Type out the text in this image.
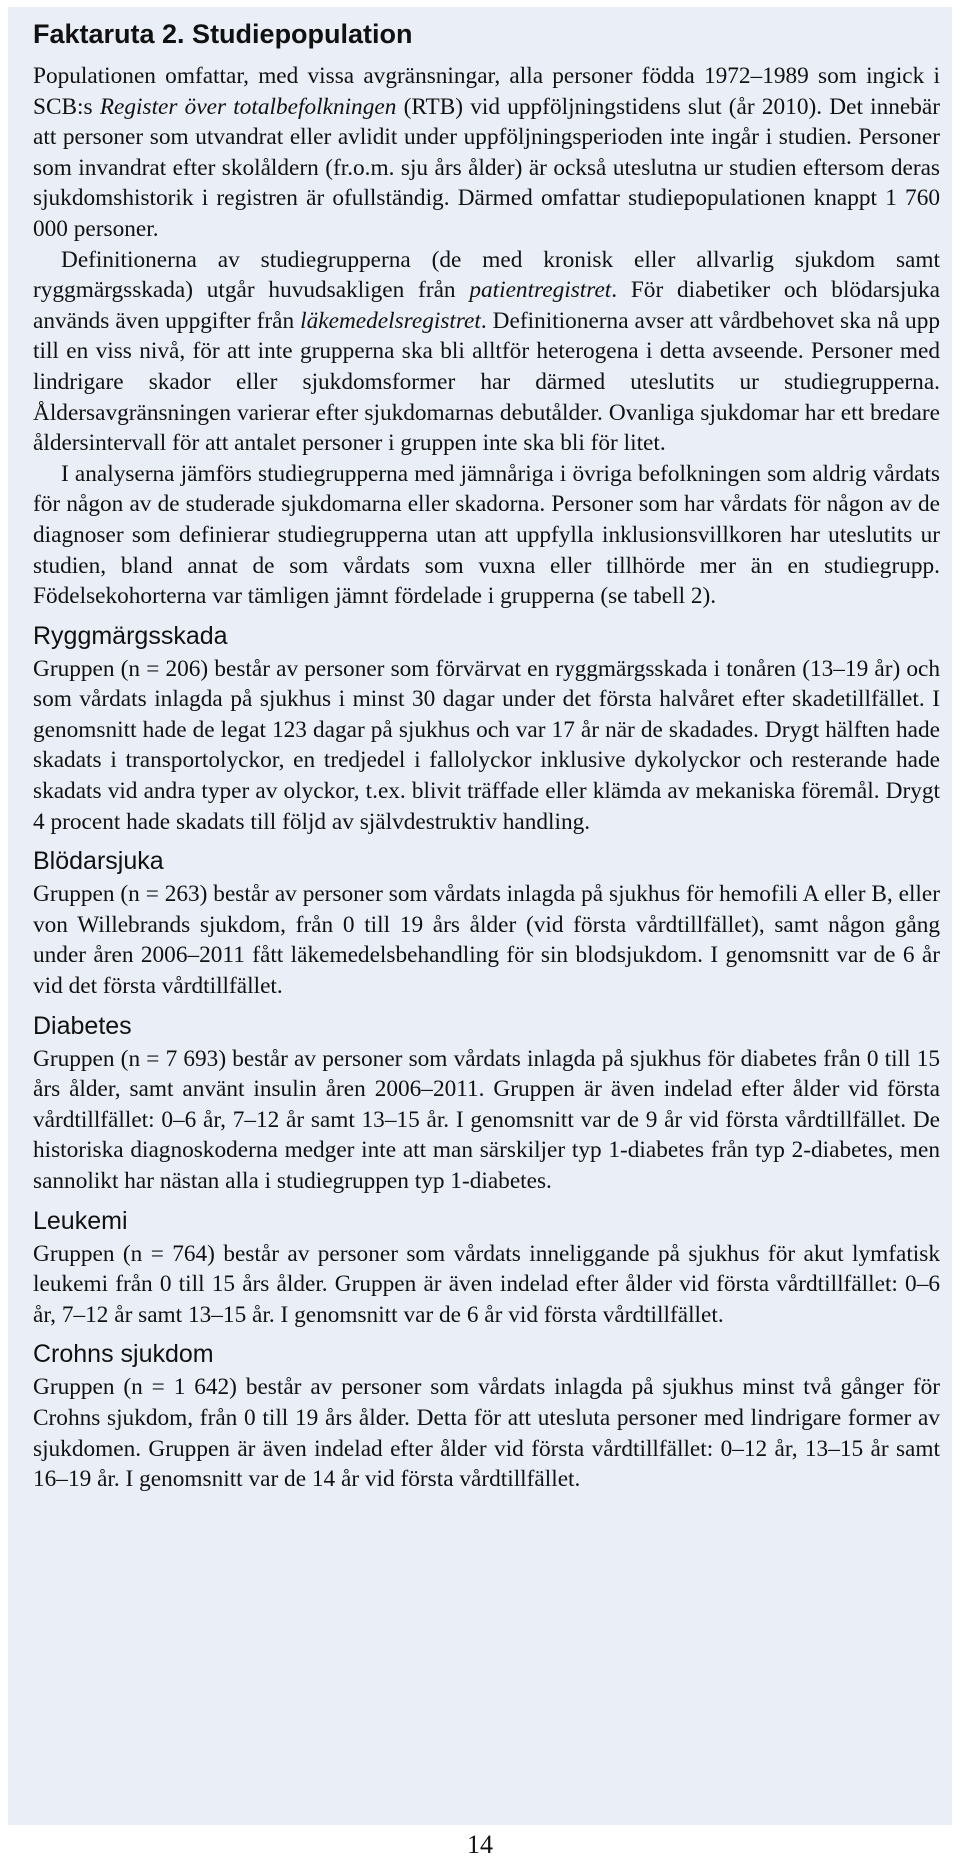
Faktaruta 2. Studiepopulation

Populationen omfattar, med vissa avgränsningar, alla personer födda 1972–1989 som ingick i SCB:s Register över totalbefolkningen (RTB) vid uppföljningstidens slut (år 2010). Det innebär att personer som utvandrat eller avlidit under uppföljningsperioden inte ingår i studien. Personer som invandrat efter skolåldern (fr.o.m. sju års ålder) är också uteslutna ur studien eftersom deras sjukdomshistorik i registren är ofullständig. Därmed omfattar studiepopulationen knappt 1 760 000 personer.

Definitionerna av studiegrupperna (de med kronisk eller allvarlig sjukdom samt ryggmärgsskada) utgår huvudsakligen från patientregistret. För diabetiker och blödarsjuka används även uppgifter från läkemedelsregistret. Definitionerna avser att vårdbehovet ska nå upp till en viss nivå, för att inte grupperna ska bli alltför heterogena i detta avseende. Personer med lindrigare skador eller sjukdomsformer har därmed uteslutits ur studiegrupperna. Åldersavgränsningen varierar efter sjukdomarnas debutålder. Ovanliga sjukdomar har ett bredare åldersintervall för att antalet personer i gruppen inte ska bli för litet.

I analyserna jämförs studiegrupperna med jämnåriga i övriga befolkningen som aldrig vårdats för någon av de studerade sjukdomarna eller skadorna. Personer som har vårdats för någon av de diagnoser som definierar studiegrupperna utan att uppfylla inklusionsvillkoren har uteslutits ur studien, bland annat de som vårdats som vuxna eller tillhörde mer än en studiegrupp. Födelsekohorterna var tämligen jämnt fördelade i grupperna (se tabell 2).

Ryggmärgsskada

Gruppen (n = 206) består av personer som förvärvat en ryggmärgsskada i tonåren (13–19 år) och som vårdats inlagda på sjukhus i minst 30 dagar under det första halvåret efter skadetillfället. I genomsnitt hade de legat 123 dagar på sjukhus och var 17 år när de skadades. Drygt hälften hade skadats i transportolyckor, en tredjedel i fallolyckor inklusive dykolyckor och resterande hade skadats vid andra typer av olyckor, t.ex. blivit träffade eller klämda av mekaniska föremål. Drygt 4 procent hade skadats till följd av självdestruktiv handling.

Blödarsjuka

Gruppen (n = 263) består av personer som vårdats inlagda på sjukhus för hemofili A eller B, eller von Willebrands sjukdom, från 0 till 19 års ålder (vid första vårdtillfället), samt någon gång under åren 2006–2011 fått läkemedelsbehandling för sin blodsjukdom. I genomsnitt var de 6 år vid det första vårdtillfället.

Diabetes

Gruppen (n = 7 693) består av personer som vårdats inlagda på sjukhus för diabetes från 0 till 15 års ålder, samt använt insulin åren 2006–2011. Gruppen är även indelad efter ålder vid första vårdtillfället: 0–6 år, 7–12 år samt 13–15 år. I genomsnitt var de 9 år vid första vårdtillfället. De historiska diagnoskoderna medger inte att man särskiljer typ 1-diabetes från typ 2-diabetes, men sannolikt har nästan alla i studiegruppen typ 1-diabetes.

Leukemi

Gruppen (n = 764) består av personer som vårdats inneliggande på sjukhus för akut lymfatisk leukemi från 0 till 15 års ålder. Gruppen är även indelad efter ålder vid första vårdtillfället: 0–6 år, 7–12 år samt 13–15 år. I genomsnitt var de 6 år vid första vårdtillfället.

Crohns sjukdom

Gruppen (n = 1 642) består av personer som vårdats inlagda på sjukhus minst två gånger för Crohns sjukdom, från 0 till 19 års ålder. Detta för att utesluta personer med lindrigare former av sjukdomen. Gruppen är även indelad efter ålder vid första vårdtillfället: 0–12 år, 13–15 år samt 16–19 år. I genomsnitt var de 14 år vid första vårdtillfället.

14
